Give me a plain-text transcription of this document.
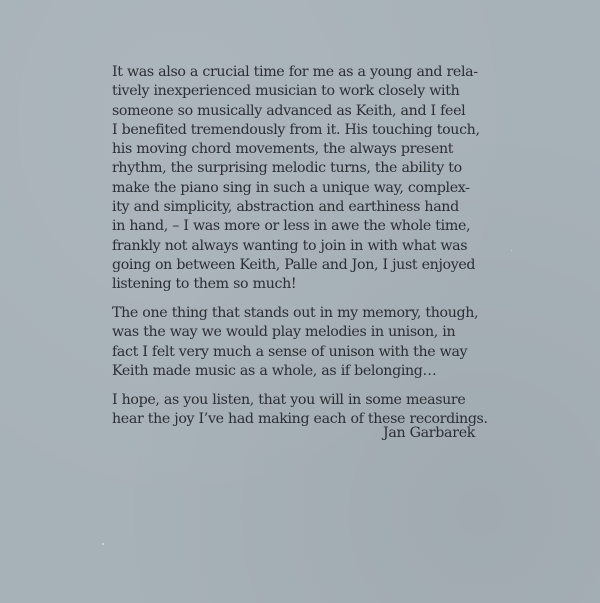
It was also a crucial time for me as a young and rela-
tively inexperienced musician to work closely with
someone so musically advanced as Keith, and I feel
I benefited tremendously from it. His touching touch,
his moving chord movements, the always present
rhythm, the surprising melodic turns, the ability to
make the piano sing in such a unique way, complex-
ity and simplicity, abstraction and earthiness hand
in hand, – I was more or less in awe the whole time,
frankly not always wanting to join in with what was
going on between Keith, Palle and Jon, I just enjoyed
listening to them so much!

The one thing that stands out in my memory, though,
was the way we would play melodies in unison, in
fact I felt very much a sense of unison with the way
Keith made music as a whole, as if belonging…

I hope, as you listen, that you will in some measure
hear the joy I’ve had making each of these recordings.

Jan Garbarek
